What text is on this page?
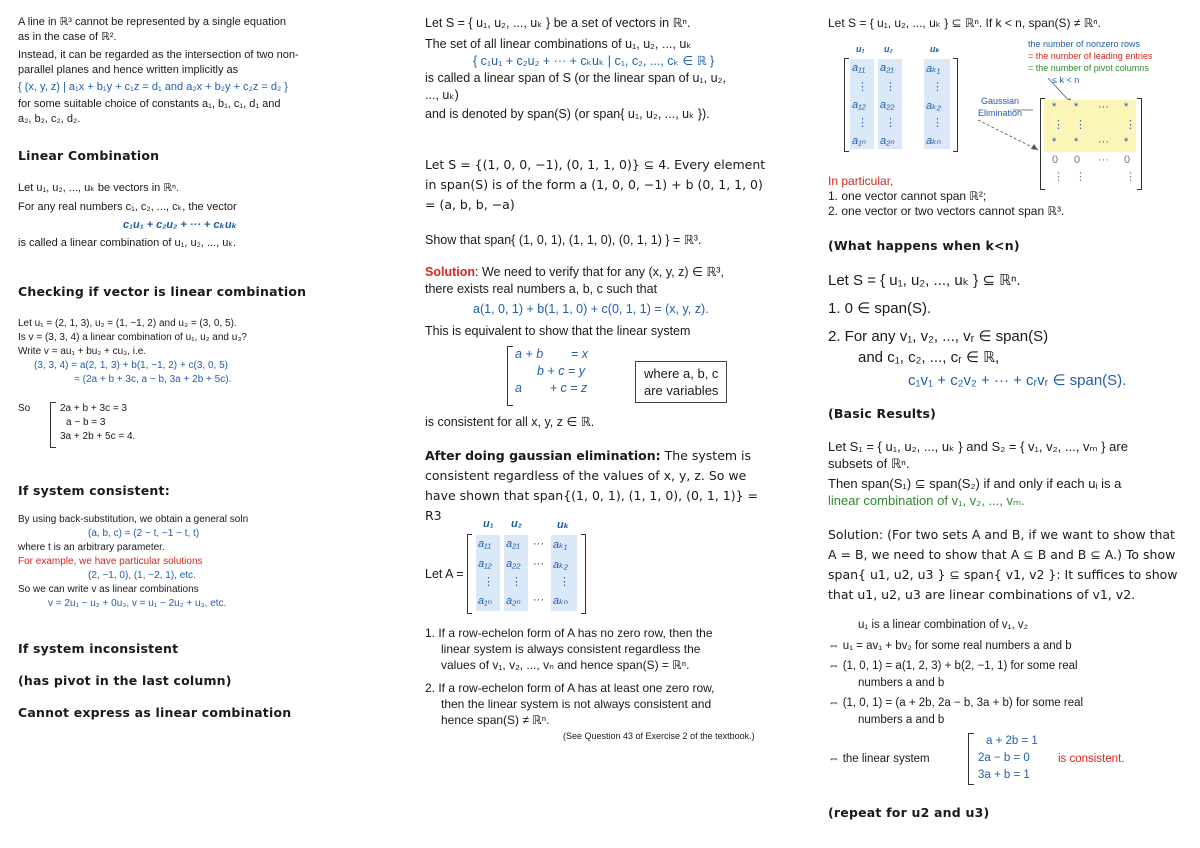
A line in ℝ³ cannot be represented by a single equation
as in the case of ℝ².
Instead, it can be regarded as the intersection of two non-
parallel planes and hence written implicitly as
{ (x, y, z) | a₁x + b₁y + c₁z = d₁ and a₂x + b₂y + c₂z = d₂ }
for some suitable choice of constants a₁, b₁, c₁, d₁ and
a₂, b₂, c₂, d₂.
Linear Combination
Let u₁, u₂, ..., uₖ be vectors in ℝⁿ.
For any real numbers c₁, c₂, ..., cₖ, the vector
c₁u₁ + c₂u₂ + ··· + cₖuₖ
is called a linear combination of u₁, u₂, ..., uₖ.
Checking if vector is linear combination
Let u₁ = (2, 1, 3), u₂ = (1, −1, 2) and u₃ = (3, 0, 5).
Is v = (3, 3, 4) a linear combination of u₁, u₂ and u₃?
Write v = au₁ + bu₂ + cu₃, i.e.
(3, 3, 4) = a(2, 1, 3) + b(1, −1, 2) + c(3, 0, 5)
= (2a + b + 3c, a − b, 3a + 2b + 5c).
So	2a + b + 3c = 3
a − b = 3
3a + 2b + 5c = 4.
If system consistent:
By using back-substitution, we obtain a general soln
(a, b, c) = (2 − t, −1 − t, t)
where t is an arbitrary parameter.
For example, we have particular solutions
(2, −1, 0), (1, −2, 1), etc.
So we can write v as linear combinations
v = 2u₁ − u₂ + 0u₃, v = u₁ − 2u₂ + u₃, etc.
If system inconsistent
(has pivot in the last column)
Cannot express as linear combination
Let S = { u₁, u₂, ..., uₖ } be a set of vectors in ℝⁿ.
The set of all linear combinations of u₁, u₂, ..., uₖ
{ c₁u₁ + c₂u₂ + ··· + cₖuₖ | c₁, c₂, ..., cₖ ∈ ℝ }
is called a linear span of S (or the linear span of u₁, u₂,
..., uₖ)
and is denoted by span(S) (or span{ u₁, u₂, ..., uₖ }).
Let S = {(1, 0, 0, −1), (0, 1, 1, 0)} ⊆ 4. Every element in span(S) is of the form a (1, 0, 0, −1) + b (0, 1, 1, 0) = (a, b, b, −a)
Show that span{ (1, 0, 1), (1, 1, 0), (0, 1, 1) } = ℝ³.
Solution: We need to verify that for any (x, y, z) ∈ ℝ³,
there exists real numbers a, b, c such that
a(1, 0, 1) + b(1, 1, 0) + c(0, 1, 1) = (x, y, z).
This is equivalent to show that the linear system
a + b        = x
b + c = y
a        + c = z
where a, b, c
are variables
is consistent for all x, y, z ∈ ℝ.
After doing gaussian elimination: The system is consistent regardless of the values of x, y, z. So we have shown that span{(1, 0, 1), (1, 1, 0), (0, 1, 1)} = R3
Let A =
u₁ u₂	uₖ
a₁₁ a₂₁	aₖ₁
a₁₂ a₂₂	aₖ₂
⋮ ⋮	⋮
a₁ₙ a₂ₙ	aₖₙ
···
···
···
1. If a row-echelon form of A has no zero row, then the
linear system is always consistent regardless the
values of v₁, v₂, ..., vₙ and hence span(S) = ℝⁿ.
2. If a row-echelon form of A has at least one zero row,
then the linear system is not always consistent and
hence span(S) ≠ ℝⁿ.
(See Question 43 of Exercise 2 of the textbook.)
Let S = { u₁, u₂, ..., uₖ } ⊆ ℝⁿ. If k < n, span(S) ≠ ℝⁿ.
the number of nonzero rows
= the number of leading entries
= the number of pivot columns
≤ k < n
u₁ u₂	uₖ
a₁₁ a₂₁	aₖ₁
⋮ ⋮	⋮
a₁₂ a₂₂	aₖ₂
⋮ ⋮	⋮
a₁ₙ a₂ₙ	aₖₙ
Gaussian
Elimination	* * ··· *
⋮ ⋮	⋮
* * ··· *
0 0 ··· 0
⋮ ⋮	⋮
In particular,
1. one vector cannot span ℝ²;
2. one vector or two vectors cannot span ℝ³.
(What happens when k<n)
Let S = { u₁, u₂, ..., uₖ } ⊆ ℝⁿ.
1. 0 ∈ span(S).
2. For any v₁, v₂, ..., vᵣ ∈ span(S)
and c₁, c₂, ..., cᵣ ∈ ℝ,
c₁v₁ + c₂v₂ + ··· + cᵣvᵣ ∈ span(S).
(Basic Results)
Let S₁ = { u₁, u₂, ..., uₖ } and S₂ = { v₁, v₂, ..., vₘ } are
subsets of ℝⁿ.
Then span(S₁) ⊆ span(S₂) if and only if each uᵢ is a
linear combination of v₁, v₂, ..., vₘ.
Solution: (For two sets A and B, if we want to show that A = B, we need to show that A ⊆ B and B ⊆ A.) To show span{ u1, u2, u3 } ⊆ span{ v1, v2 }: It suffices to show that u1, u2, u3 are linear combinations of v1, v2.
u₁ is a linear combination of v₁, v₂
⇔ u₁ = av₁ + bv₂ for some real numbers a and b
⇔ (1, 0, 1) = a(1, 2, 3) + b(2, −1, 1) for some real
numbers a and b
⇔ (1, 0, 1) = (a + 2b, 2a − b, 3a + b) for some real
numbers a and b
⇔ the linear system
a + 2b = 1
2a − b = 0
3a + b = 1
is consistent.
(repeat for u2 and u3)
